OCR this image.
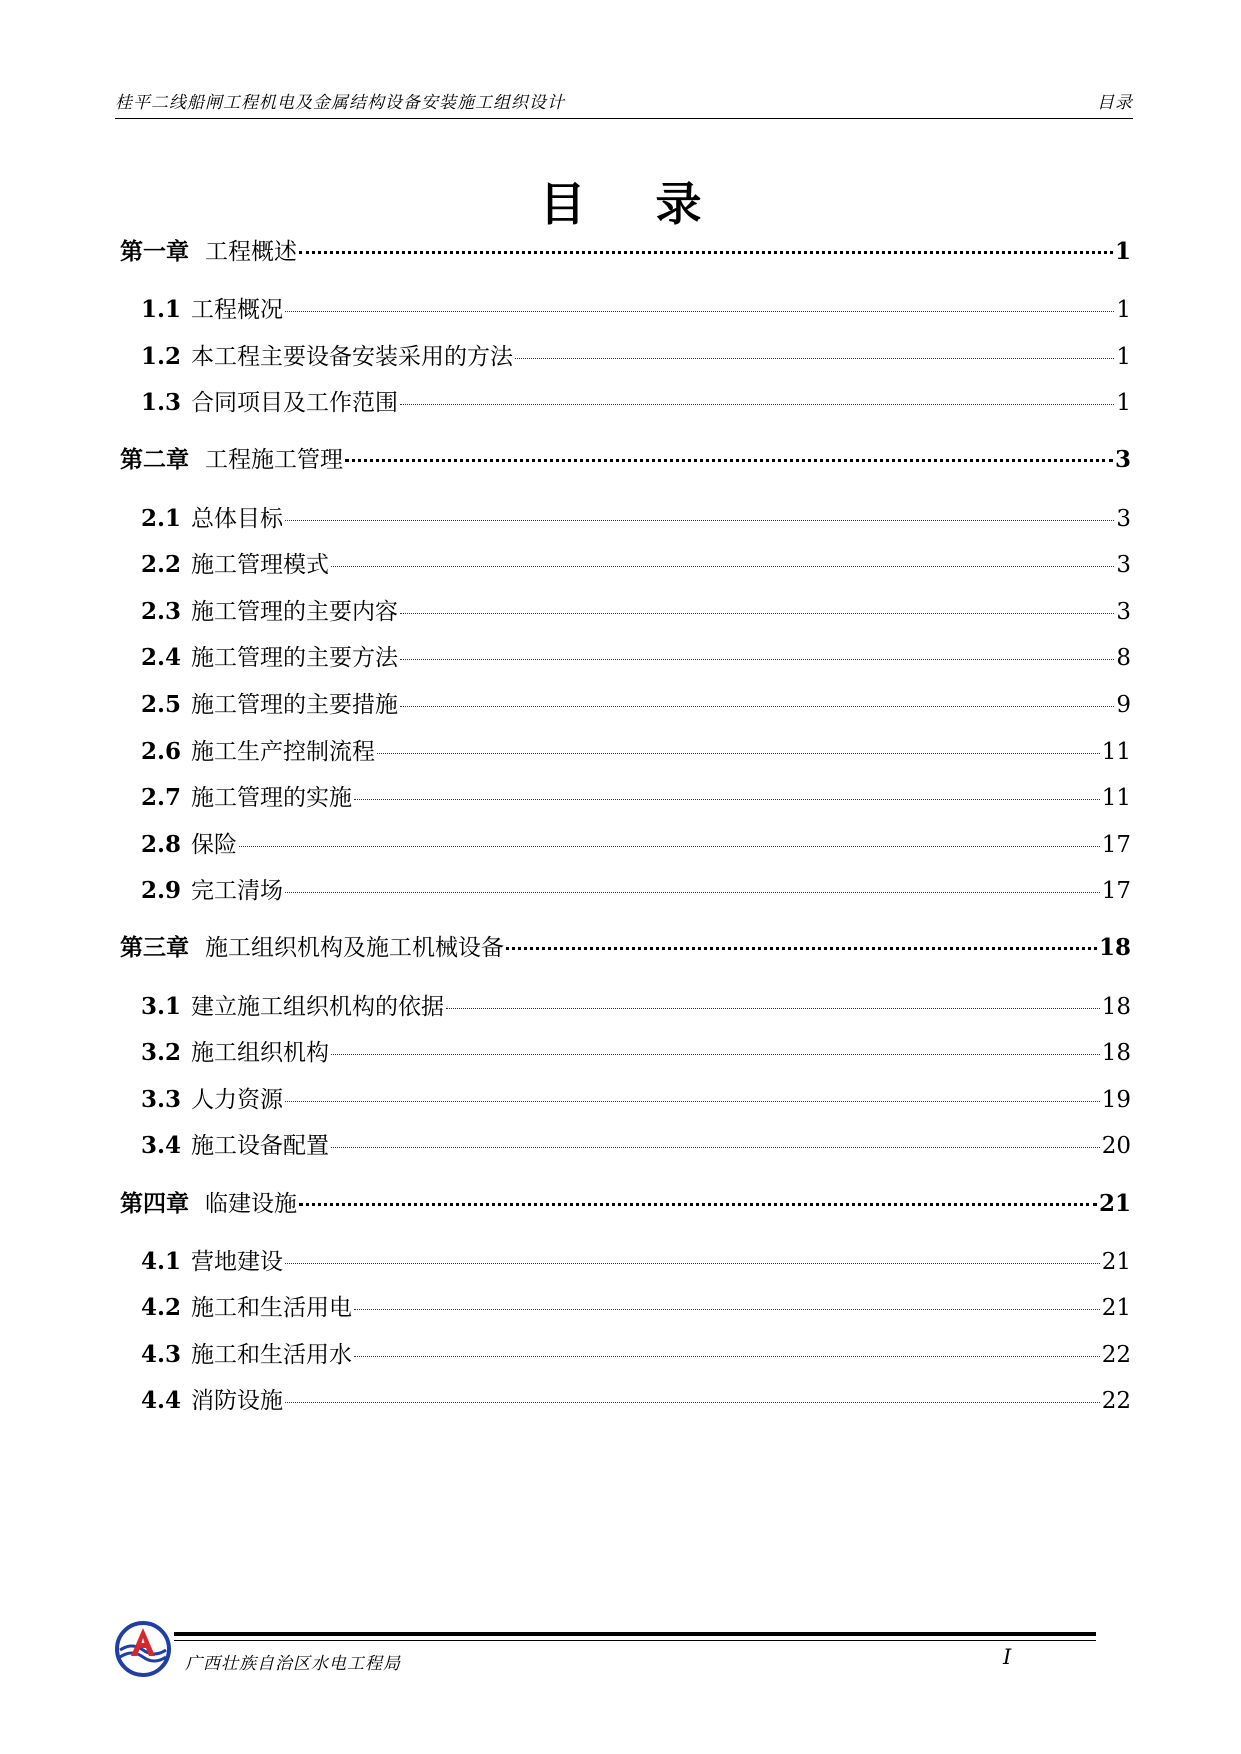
桂平二线船闸工程机电及金属结构设备安装施工组织设计	目录
目录
第一章 工程概述	1
1.1 工程概况	1
1.2 本工程主要设备安装采用的方法	1
1.3 合同项目及工作范围	1
第二章 工程施工管理	3
2.1 总体目标	3
2.2 施工管理模式	3
2.3 施工管理的主要内容	3
2.4 施工管理的主要方法	8
2.5 施工管理的主要措施	9
2.6 施工生产控制流程	11
2.7 施工管理的实施	11
2.8 保险	17
2.9 完工清场	17
第三章 施工组织机构及施工机械设备	18
3.1 建立施工组织机构的依据	18
3.2 施工组织机构	18
3.3 人力资源	19
3.4 施工设备配置	20
第四章 临建设施	21
4.1 营地建设	21
4.2 施工和生活用电	21
4.3 施工和生活用水	22
4.4 消防设施	22
广西壮族自治区水电工程局	I
